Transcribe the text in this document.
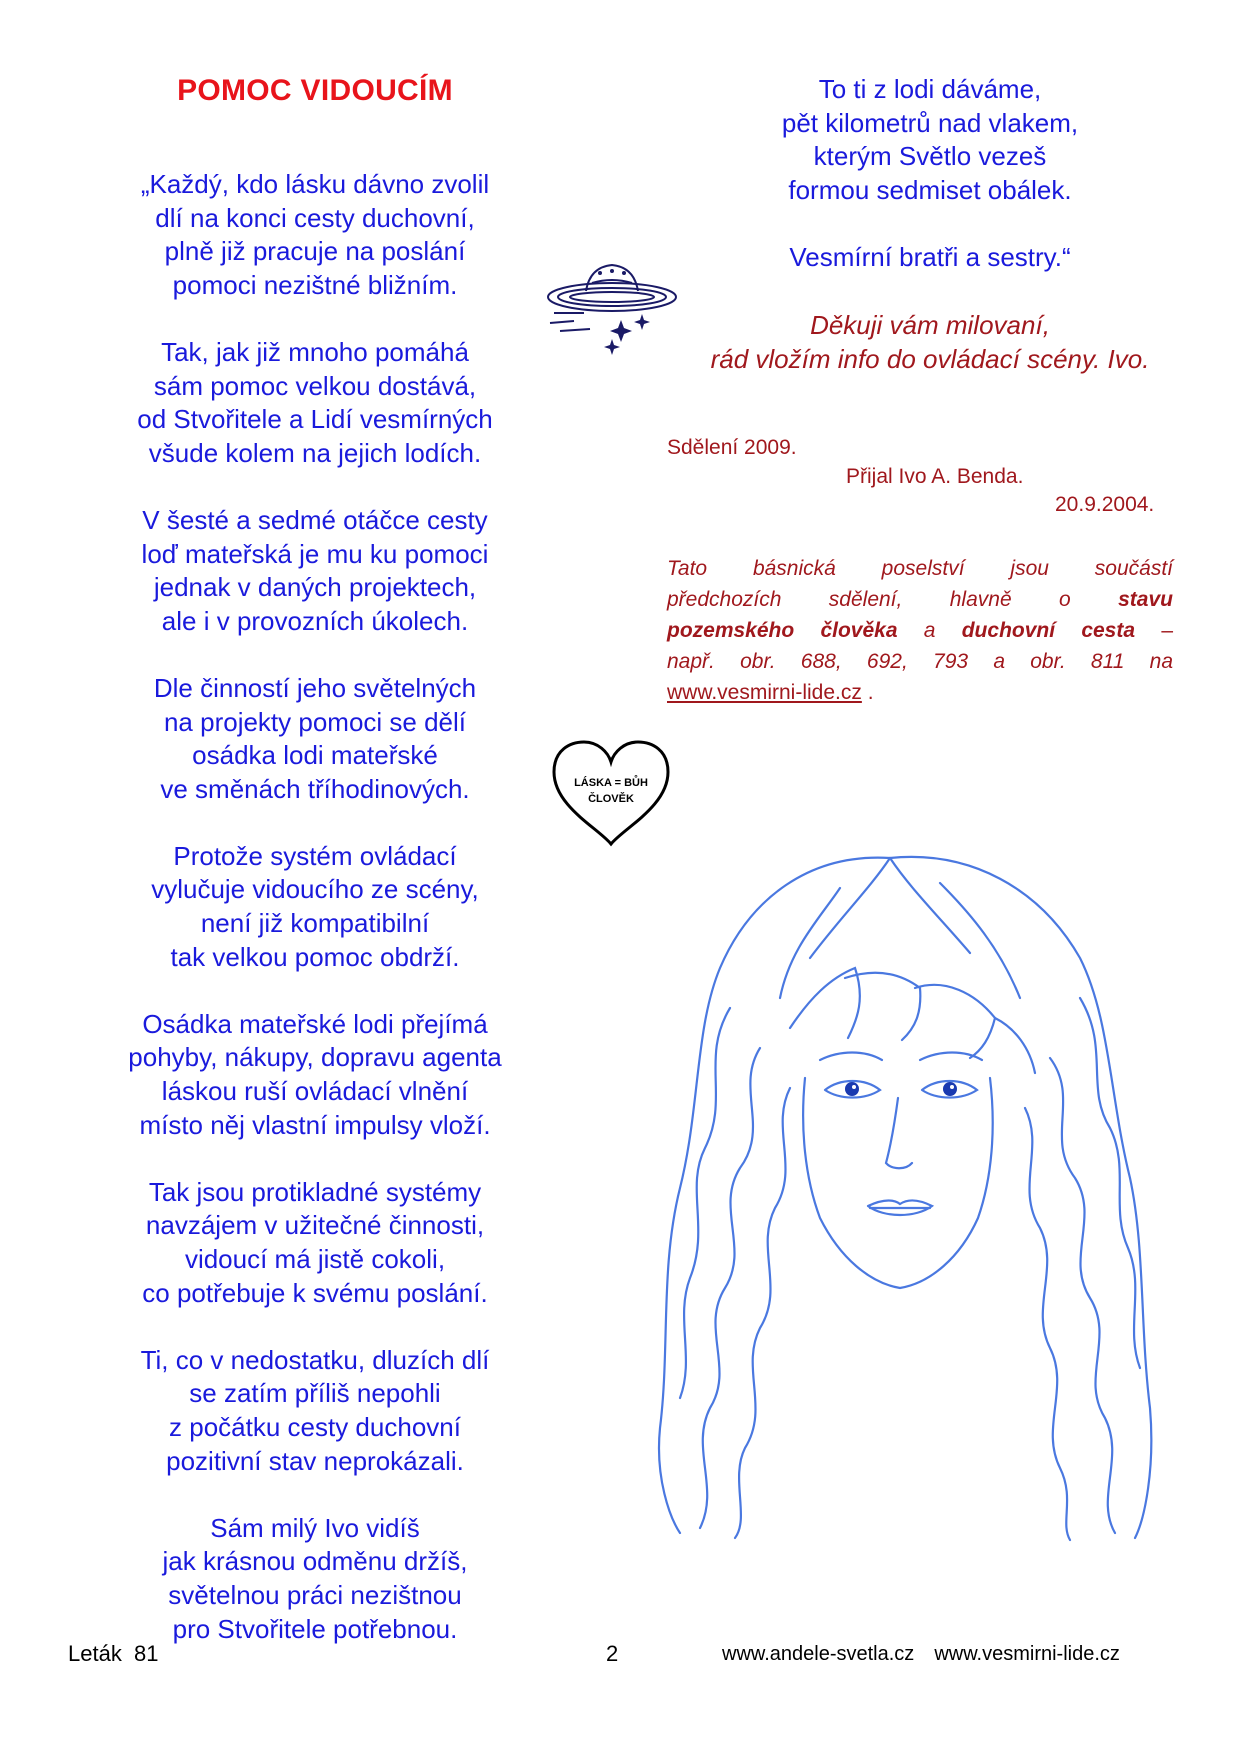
POMOC VIDOUCÍM
„Každý, kdo lásku dávno zvolil
dlí na konci cesty duchovní,
plně již pracuje na poslání
pomoci nezištné bližním.
Tak, jak již mnoho pomáhá
sám pomoc velkou dostává,
od Stvořitele a Lidí vesmírných
všude kolem na jejich lodích.
V šesté a sedmé otáčce cesty
loď mateřská je mu ku pomoci
jednak v daných projektech,
ale i v provozních úkolech.
Dle činností jeho světelných
na projekty pomoci se dělí
osádka lodi mateřské
ve směnách tříhodinových.
Protože systém ovládací
vylučuje vidoucího ze scény,
není již kompatibilní
tak velkou pomoc obdrží.
Osádka mateřské lodi přejímá
pohyby, nákupy, dopravu agenta
láskou ruší ovládací vlnění
místo něj vlastní impulsy vloží.
Tak jsou protikladné systémy
navzájem v užitečné činnosti,
vidoucí má jistě cokoli,
co potřebuje k svému poslání.
Ti, co v nedostatku, dluzích dlí
se zatím příliš nepohli
z počátku cesty duchovní
pozitivní stav neprokázali.
Sám milý Ivo vidíš
jak krásnou odměnu držíš,
světelnou práci nezištnou
pro Stvořitele potřebnou.
To ti z lodi dáváme,
pět kilometrů nad vlakem,
kterým Světlo vezeš
formou sedmiset obálek.
Vesmírní bratři a sestry.“
Děkuji vám milovaní,
rád vložím info do ovládací scény. Ivo.
Sdělení 2009.
Přijal Ivo A. Benda.
20.9.2004.
Tato básnická poselství jsou součástí
předchozích sdělení, hlavně o stavu
pozemského člověka a duchovní cesta –
např. obr. 688, 692, 793 a obr. 811 na
www.vesmirni-lide.cz .
LÁSKA = BŮH
ČLOVĚK
Leták  81	2	www.andele-svetla.cz www.vesmirni-lide.cz
